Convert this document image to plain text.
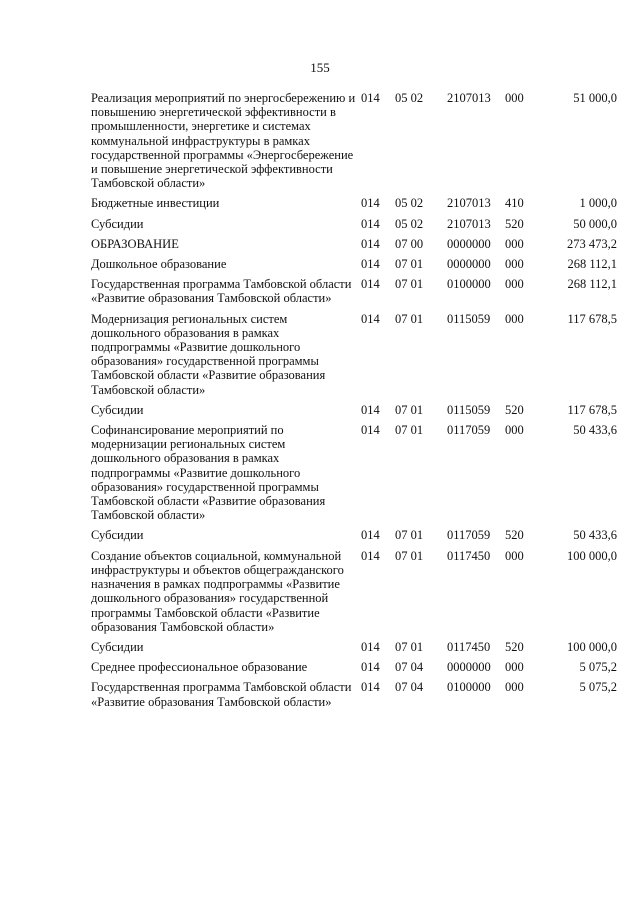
155
Реализация мероприятий по энергосбережению и повышению энергетической эффективности в промышленности, энергетике и системах коммунальной инфраструктуры в рамках государственной программы «Энергосбережение и повышение энергетической эффективности Тамбовской области»	014	05 02	2107013	000	51 000,0
Бюджетные инвестиции	014	05 02	2107013	410	1 000,0
Субсидии	014	05 02	2107013	520	50 000,0
ОБРАЗОВАНИЕ	014	07 00	0000000	000	273 473,2
Дошкольное образование	014	07 01	0000000	000	268 112,1
Государственная программа Тамбовской области «Развитие образования Тамбовской области»	014	07 01	0100000	000	268 112,1
Модернизация региональных систем дошкольного образования в рамках подпрограммы «Развитие дошкольного образования» государственной программы Тамбовской области «Развитие образования Тамбовской области»	014	07 01	0115059	000	117 678,5
Субсидии	014	07 01	0115059	520	117 678,5
Софинансирование мероприятий по модернизации региональных систем дошкольного образования в рамках подпрограммы «Развитие дошкольного образования» государственной программы Тамбовской области «Развитие образования Тамбовской области»	014	07 01	0117059	000	50 433,6
Субсидии	014	07 01	0117059	520	50 433,6
Создание объектов социальной, коммунальной инфраструктуры и объектов общегражданского назначения в рамках подпрограммы «Развитие дошкольного образования» государственной программы Тамбовской области «Развитие образования Тамбовской области»	014	07 01	0117450	000	100 000,0
Субсидии	014	07 01	0117450	520	100 000,0
Среднее профессиональное образование	014	07 04	0000000	000	5 075,2
Государственная программа Тамбовской области «Развитие образования Тамбовской области»	014	07 04	0100000	000	5 075,2
